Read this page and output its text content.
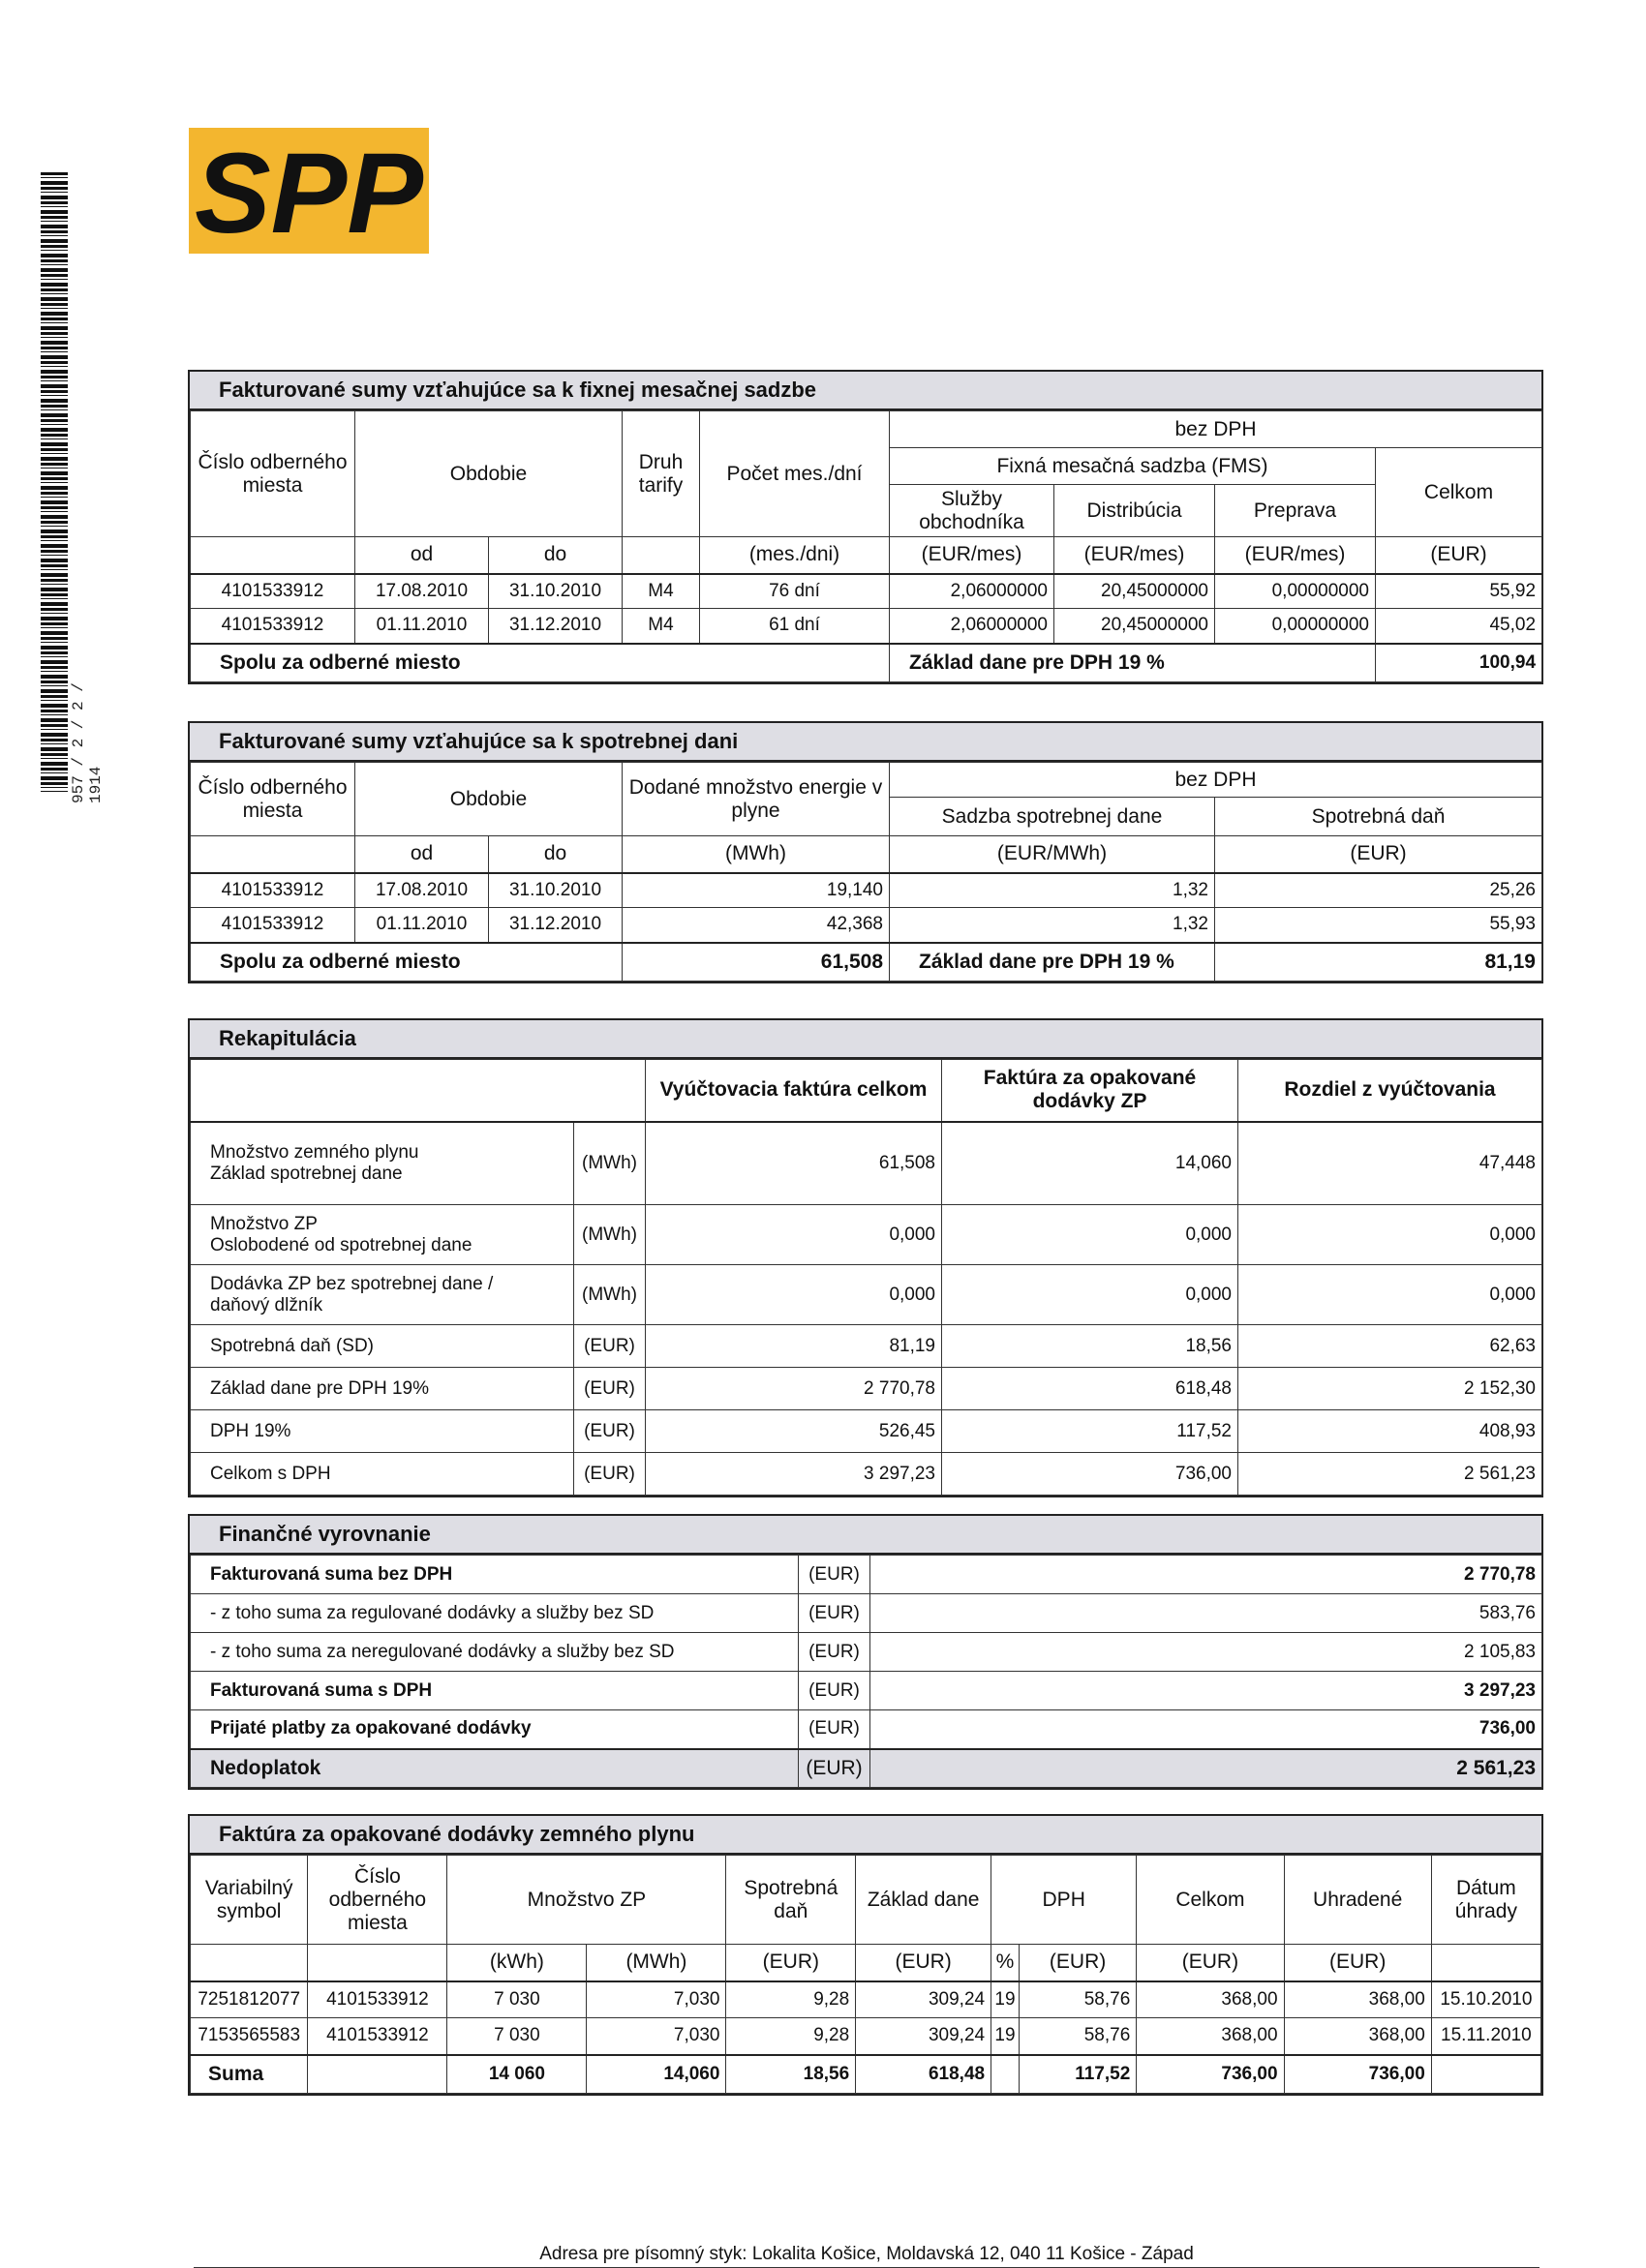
SPP
957 / 2 / 2 / 1914
Fakturované sumy vzťahujúce sa k fixnej mesačnej sadzbe
Číslo odberného miesta	Obdobie		Druh tarify	Počet mes./dní	bez DPH			
					Fixná mesačná sadzba (FMS)			Celkom
					Služby obchodníka	Distribúcia	Preprava	
	od	do		(mes./dni)	(EUR/mes)	(EUR/mes)	(EUR/mes)	(EUR)
4101533912	17.08.2010	31.10.2010	M4	76 dní	2,06000000	20,45000000	0,00000000	55,92
4101533912	01.11.2010	31.12.2010	M4	61 dní	2,06000000	20,45000000	0,00000000	45,02
Spolu za odberné miesto					Základ dane pre DPH 19 %			100,94
Fakturované sumy vzťahujúce sa k spotrebnej dani
Číslo odberného miesta	Obdobie		Dodané množstvo energie v plyne	bez DPH	
				Sadzba spotrebnej dane	Spotrebná daň
	od	do	(MWh)	(EUR/MWh)	(EUR)
4101533912	17.08.2010	31.10.2010	19,140	1,32	25,26
4101533912	01.11.2010	31.12.2010	42,368	1,32	55,93
Spolu za odberné miesto			61,508	Základ dane pre DPH 19 %	81,19
Rekapitulácia
		Vyúčtovacia faktúra celkom	Faktúra za opakované dodávky ZP	Rozdiel z vyúčtovania

Množstvo zemného plynu
Základ spotrebnej dane	(MWh)	61,508	14,060	47,448

Množstvo ZP
Oslobodené od spotrebnej dane	(MWh)	0,000	0,000	0,000

Dodávka ZP bez spotrebnej dane /
daňový dlžník	(MWh)	0,000	0,000	0,000
Spotrebná daň (SD)	(EUR)	81,19	18,56	62,63
Základ dane pre DPH 19%	(EUR)	2 770,78	618,48	2 152,30
DPH 19%	(EUR)	526,45	117,52	408,93
Celkom s DPH	(EUR)	3 297,23	736,00	2 561,23
Finančné vyrovnanie
Fakturovaná suma bez DPH	(EUR)	2 770,78
- z toho suma za regulované dodávky a služby bez SD	(EUR)	583,76
- z toho suma za neregulované dodávky a služby bez SD	(EUR)	2 105,83
Fakturovaná suma s DPH	(EUR)	3 297,23
Prijaté platby za opakované dodávky	(EUR)	736,00
Nedoplatok	(EUR)	2 561,23
Faktúra za opakované dodávky zemného plynu
Variabilný symbol	Číslo odberného miesta	Množstvo ZP		Spotrebná daň	Základ dane	DPH		Celkom	Uhradené	Dátum úhrady
		(kWh)	(MWh)	(EUR)	(EUR)	%	(EUR)	(EUR)	(EUR)	
7251812077	4101533912	7 030	7,030	9,28	309,24	19	58,76	368,00	368,00	15.10.2010
7153565583	4101533912	7 030	7,030	9,28	309,24	19	58,76	368,00	368,00	15.11.2010
Suma		14 060	14,060	18,56	618,48		117,52	736,00	736,00	
Adresa pre písomný styk: Lokalita Košice, Moldavská 12, 040 11 Košice - Západ
